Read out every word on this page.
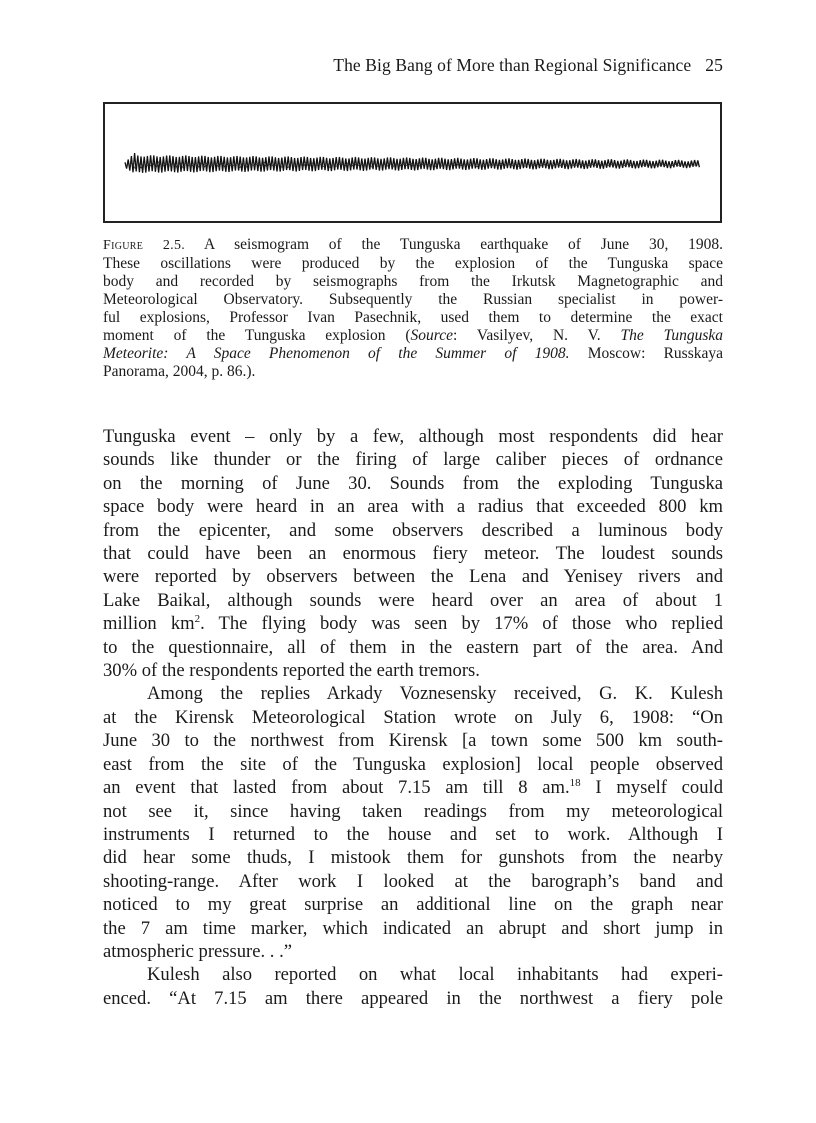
The Big Bang of More than Regional Significance 25
Figure 2.5. A seismogram of the Tunguska earthquake of June 30, 1908.
These oscillations were produced by the explosion of the Tunguska space
body and recorded by seismographs from the Irkutsk Magnetographic and
Meteorological Observatory. Subsequently the Russian specialist in power-
ful explosions, Professor Ivan Pasechnik, used them to determine the exact
moment of the Tunguska explosion (Source: Vasilyev, N. V. The Tunguska
Meteorite: A Space Phenomenon of the Summer of 1908. Moscow: Russkaya
Panorama, 2004, p. 86.).
Tunguska event – only by a few, although most respondents did hear
sounds like thunder or the firing of large caliber pieces of ordnance
on the morning of June 30. Sounds from the exploding Tunguska
space body were heard in an area with a radius that exceeded 800 km
from the epicenter, and some observers described a luminous body
that could have been an enormous fiery meteor. The loudest sounds
were reported by observers between the Lena and Yenisey rivers and
Lake Baikal, although sounds were heard over an area of about 1
million $km^2$. The flying body was seen by 17% of those who replied
to the questionnaire, all of them in the eastern part of the area. And
30% of the respondents reported the earth tremors.
Among the replies Arkady Voznesensky received, G. K. Kulesh
at the Kirensk Meteorological Station wrote on July 6, 1908: “On
June 30 to the northwest from Kirensk [a town some 500 km south-
east from the site of the Tunguska explosion] local people observed
an event that lasted from about 7.15 am till 8 am.$^{18}$ I myself could
not see it, since having taken readings from my meteorological
instruments I returned to the house and set to work. Although I
did hear some thuds, I mistook them for gunshots from the nearby
shooting-range. After work I looked at the barograph’s band and
noticed to my great surprise an additional line on the graph near
the 7 am time marker, which indicated an abrupt and short jump in
atmospheric pressure. . .”
Kulesh also reported on what local inhabitants had experi-
enced. “At 7.15 am there appeared in the northwest a fiery pole
